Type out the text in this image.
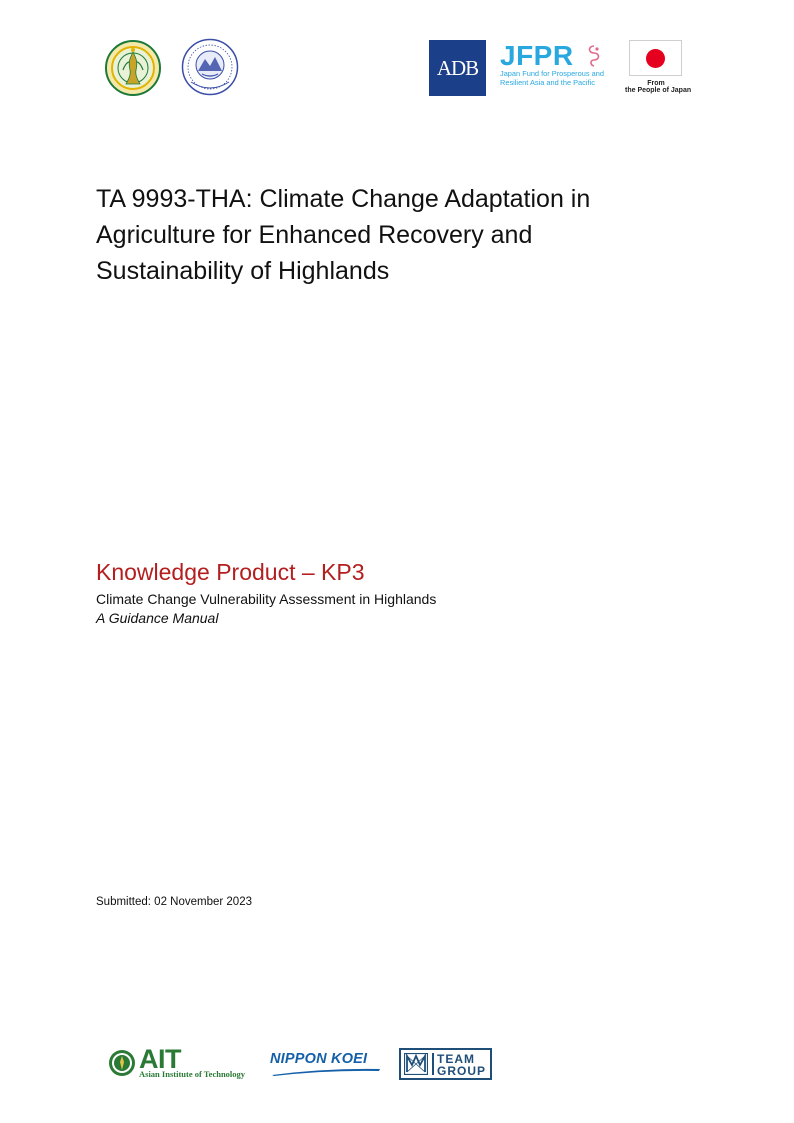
ADB JFPR
Japan Fund for Prosperous and
Resilient Asia and the Pacific	From
the People of Japan
TA 9993-THA: Climate Change Adaptation in
Agriculture for Enhanced Recovery and
Sustainability of Highlands
Knowledge Product – KP3
Climate Change Vulnerability Assessment in Highlands
A Guidance Manual
Submitted: 02 November 2023
AIT
Asian Institute of Technology
NIPPON KOEI	TEAM
GROUP
